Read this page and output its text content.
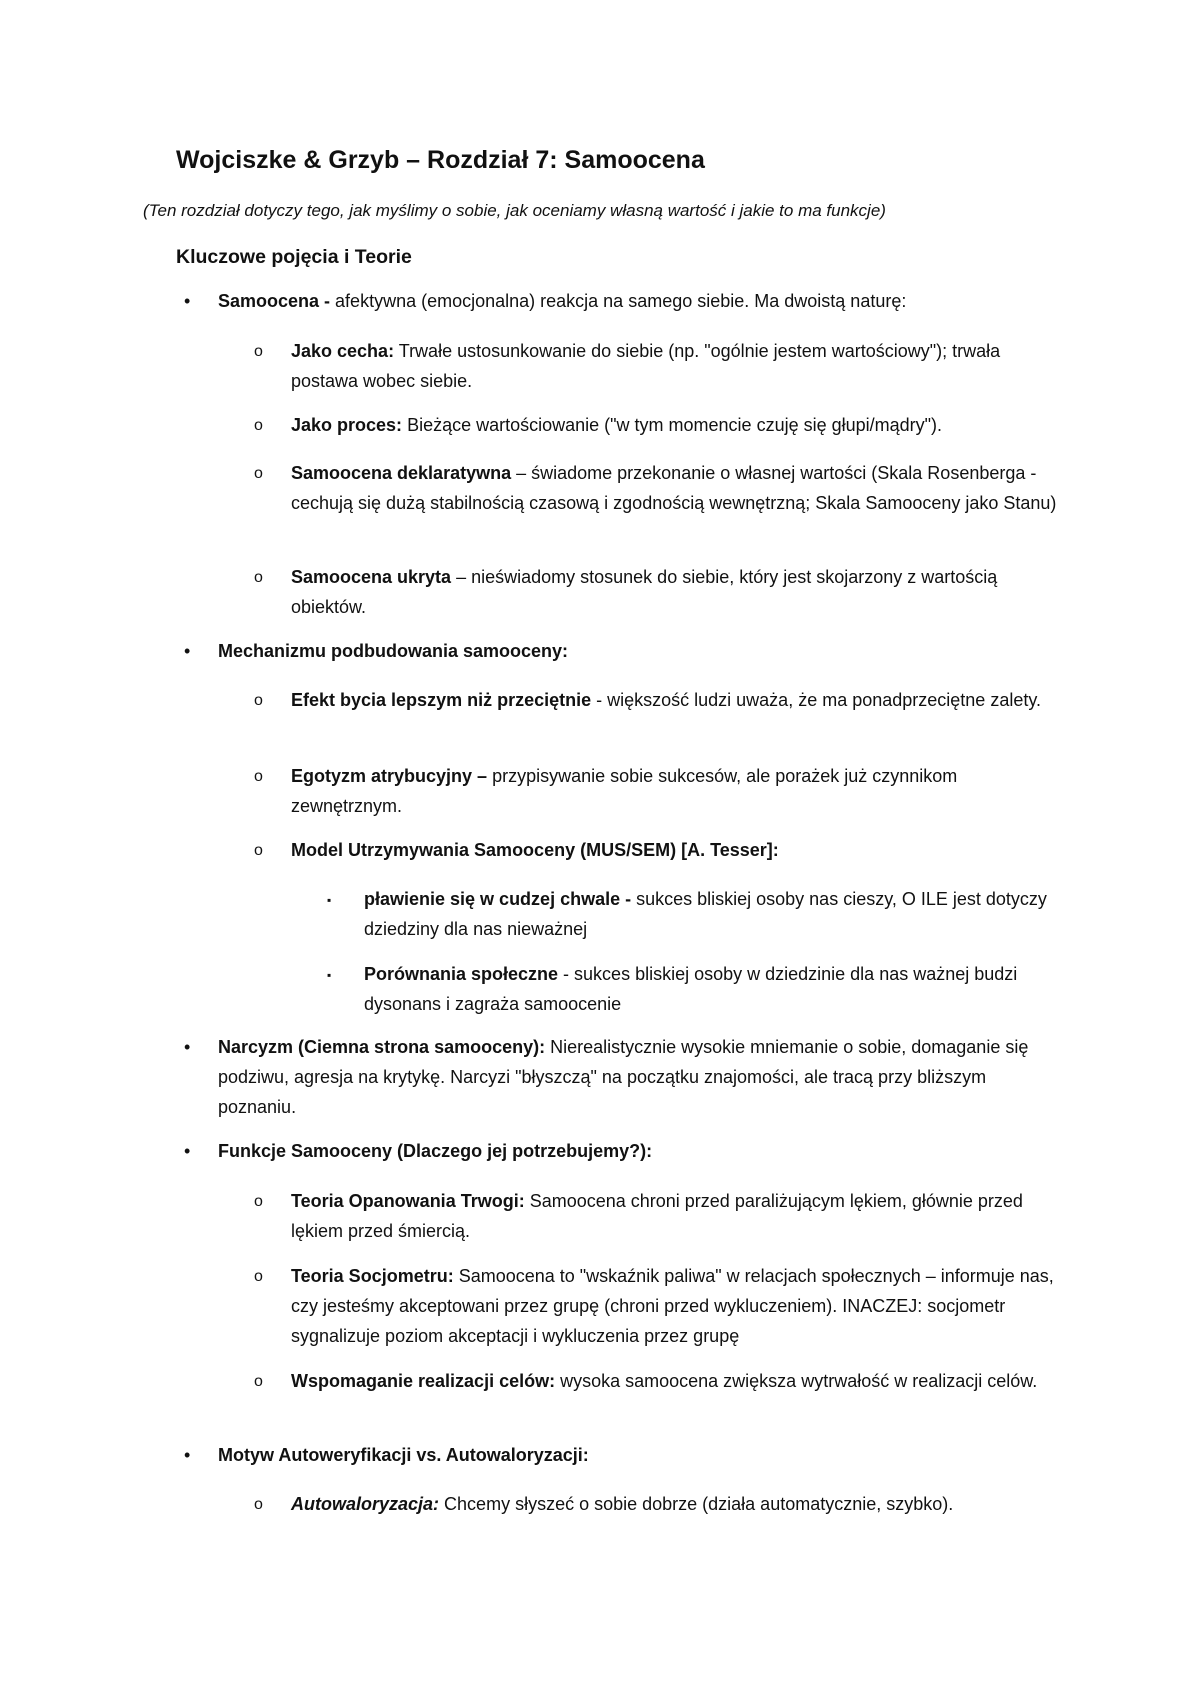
Wojciszke & Grzyb – Rozdział 7: Samoocena
(Ten rozdział dotyczy tego, jak myślimy o sobie, jak oceniamy własną wartość i jakie to ma funkcje)
Kluczowe pojęcia i Teorie
• Samoocena - afektywna (emocjonalna) reakcja na samego siebie. Ma dwoistą naturę:
o Jako cecha: Trwałe ustosunkowanie do siebie (np. "ogólnie jestem wartościowy"); trwała postawa wobec siebie.
o Jako proces: Bieżące wartościowanie ("w tym momencie czuję się głupi/mądry").
o Samoocena deklaratywna – świadome przekonanie o własnej wartości (Skala Rosenberga - cechują się dużą stabilnością czasową i zgodnością wewnętrzną; Skala Samooceny jako Stanu)
o Samoocena ukryta – nieświadomy stosunek do siebie, który jest skojarzony z wartością obiektów.
• Mechanizmu podbudowania samooceny:
o Efekt bycia lepszym niż przeciętnie - większość ludzi uważa, że ma ponadprzeciętne zalety.
o Egotyzm atrybucyjny – przypisywanie sobie sukcesów, ale porażek już czynnikom zewnętrznym.
o Model Utrzymywania Samooceny (MUS/SEM) [A. Tesser]:
▪ pławienie się w cudzej chwale - sukces bliskiej osoby nas cieszy, O ILE jest dotyczy dziedziny dla nas nieważnej
▪ Porównania społeczne - sukces bliskiej osoby w dziedzinie dla nas ważnej budzi dysonans i zagraża samoocenie
• Narcyzm (Ciemna strona samooceny): Nierealistycznie wysokie mniemanie o sobie, domaganie się podziwu, agresja na krytykę. Narcyzi "błyszczą" na początku znajomości, ale tracą przy bliższym poznaniu.
• Funkcje Samooceny (Dlaczego jej potrzebujemy?):
o Teoria Opanowania Trwogi: Samoocena chroni przed paraliżującym lękiem, głównie przed lękiem przed śmiercią.
o Teoria Socjometru: Samoocena to "wskaźnik paliwa" w relacjach społecznych – informuje nas, czy jesteśmy akceptowani przez grupę (chroni przed wykluczeniem). INACZEJ: socjometr sygnalizuje poziom akceptacji i wykluczenia przez grupę
o Wspomaganie realizacji celów: wysoka samoocena zwiększa wytrwałość w realizacji celów.
• Motyw Autoweryfikacji vs. Autowaloryzacji:
o Autowaloryzacja: Chcemy słyszeć o sobie dobrze (działa automatycznie, szybko).
